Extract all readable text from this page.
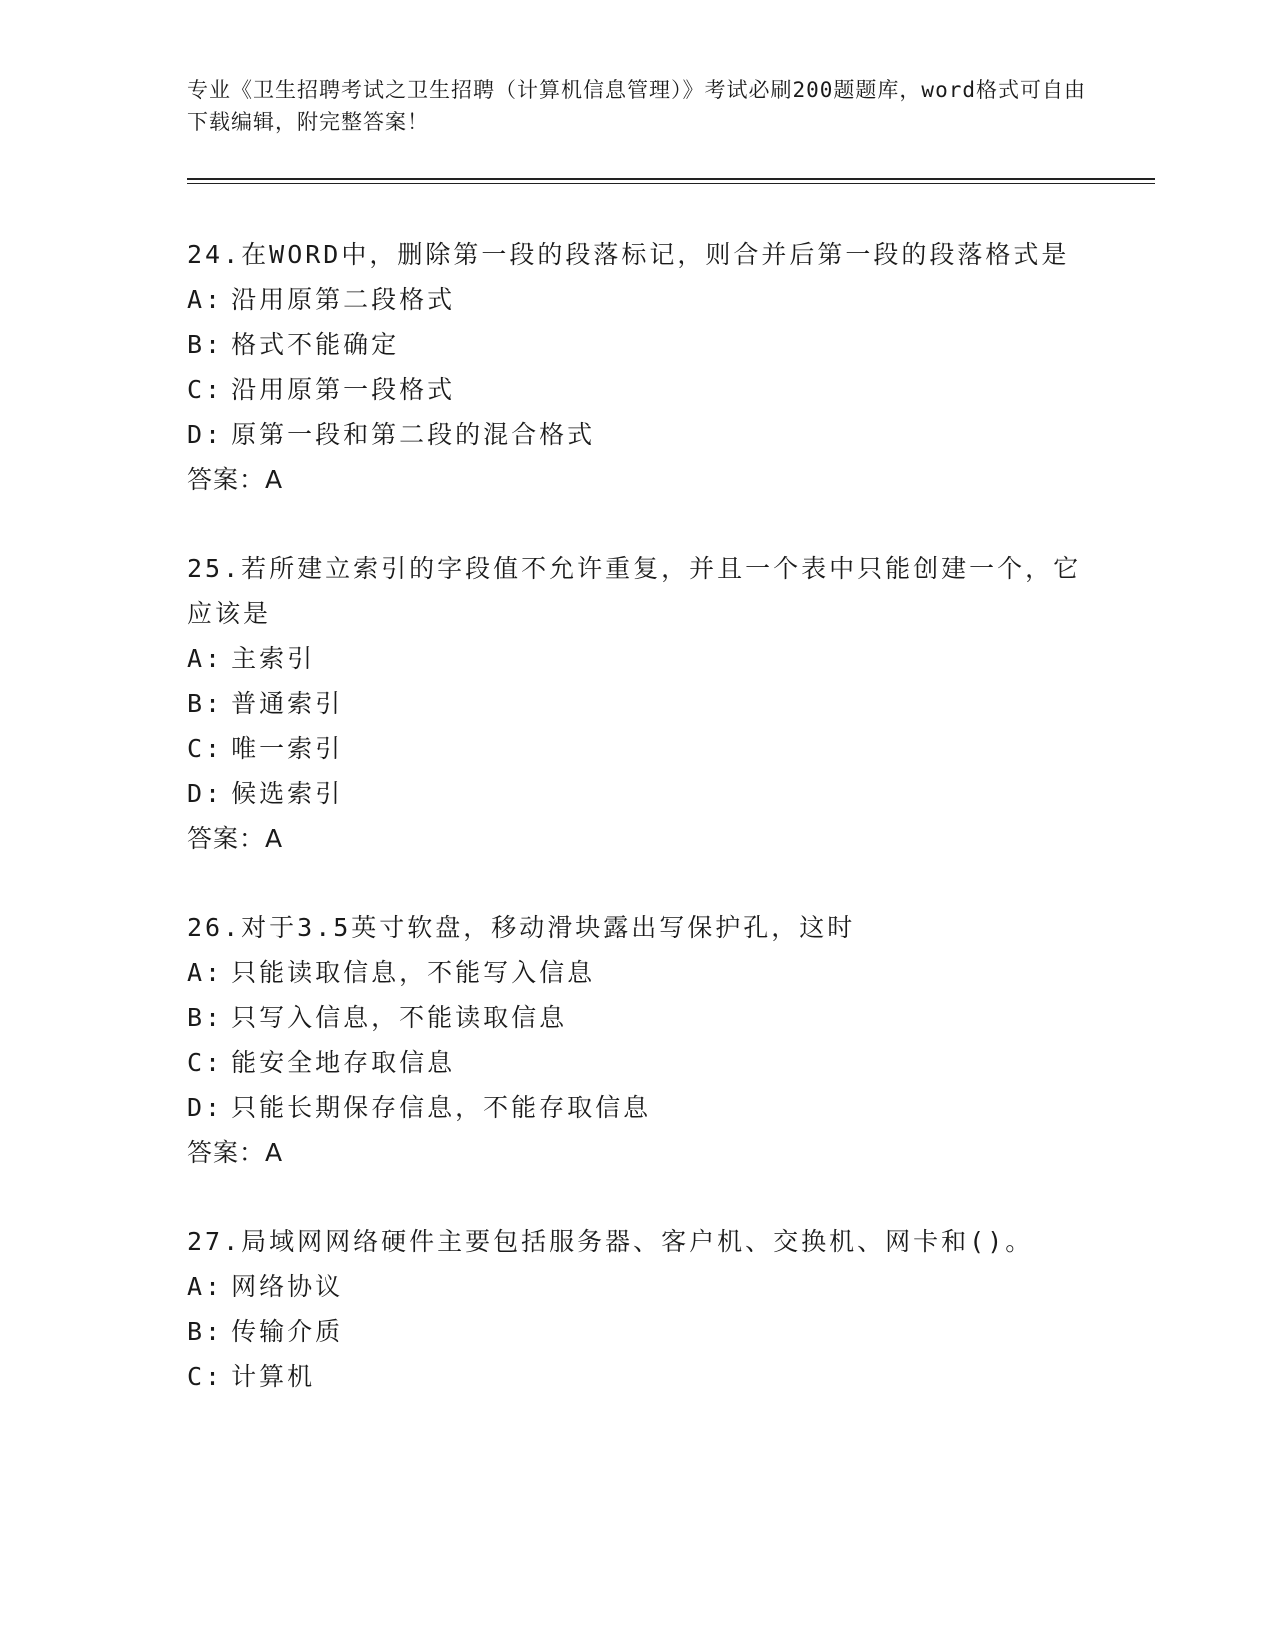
专业《卫生招聘考试之卫生招聘（计算机信息管理）》考试必刷200题题库，word格式可自由下载编辑，附完整答案！

24.在WORD中，删除第一段的段落标记，则合并后第一段的段落格式是

A: 沿用原第二段格式

B: 格式不能确定

C: 沿用原第一段格式

D: 原第一段和第二段的混合格式

答案：A

25.若所建立索引的字段值不允许重复，并且一个表中只能创建一个，它应该是

A: 主索引

B: 普通索引

C: 唯一索引

D: 候选索引

答案：A

26.对于3.5英寸软盘，移动滑块露出写保护孔，这时

A: 只能读取信息，不能写入信息

B: 只写入信息，不能读取信息

C: 能安全地存取信息

D: 只能长期保存信息，不能存取信息

答案：A

27.局域网网络硬件主要包括服务器、客户机、交换机、网卡和()。

A: 网络协议

B: 传输介质

C: 计算机
